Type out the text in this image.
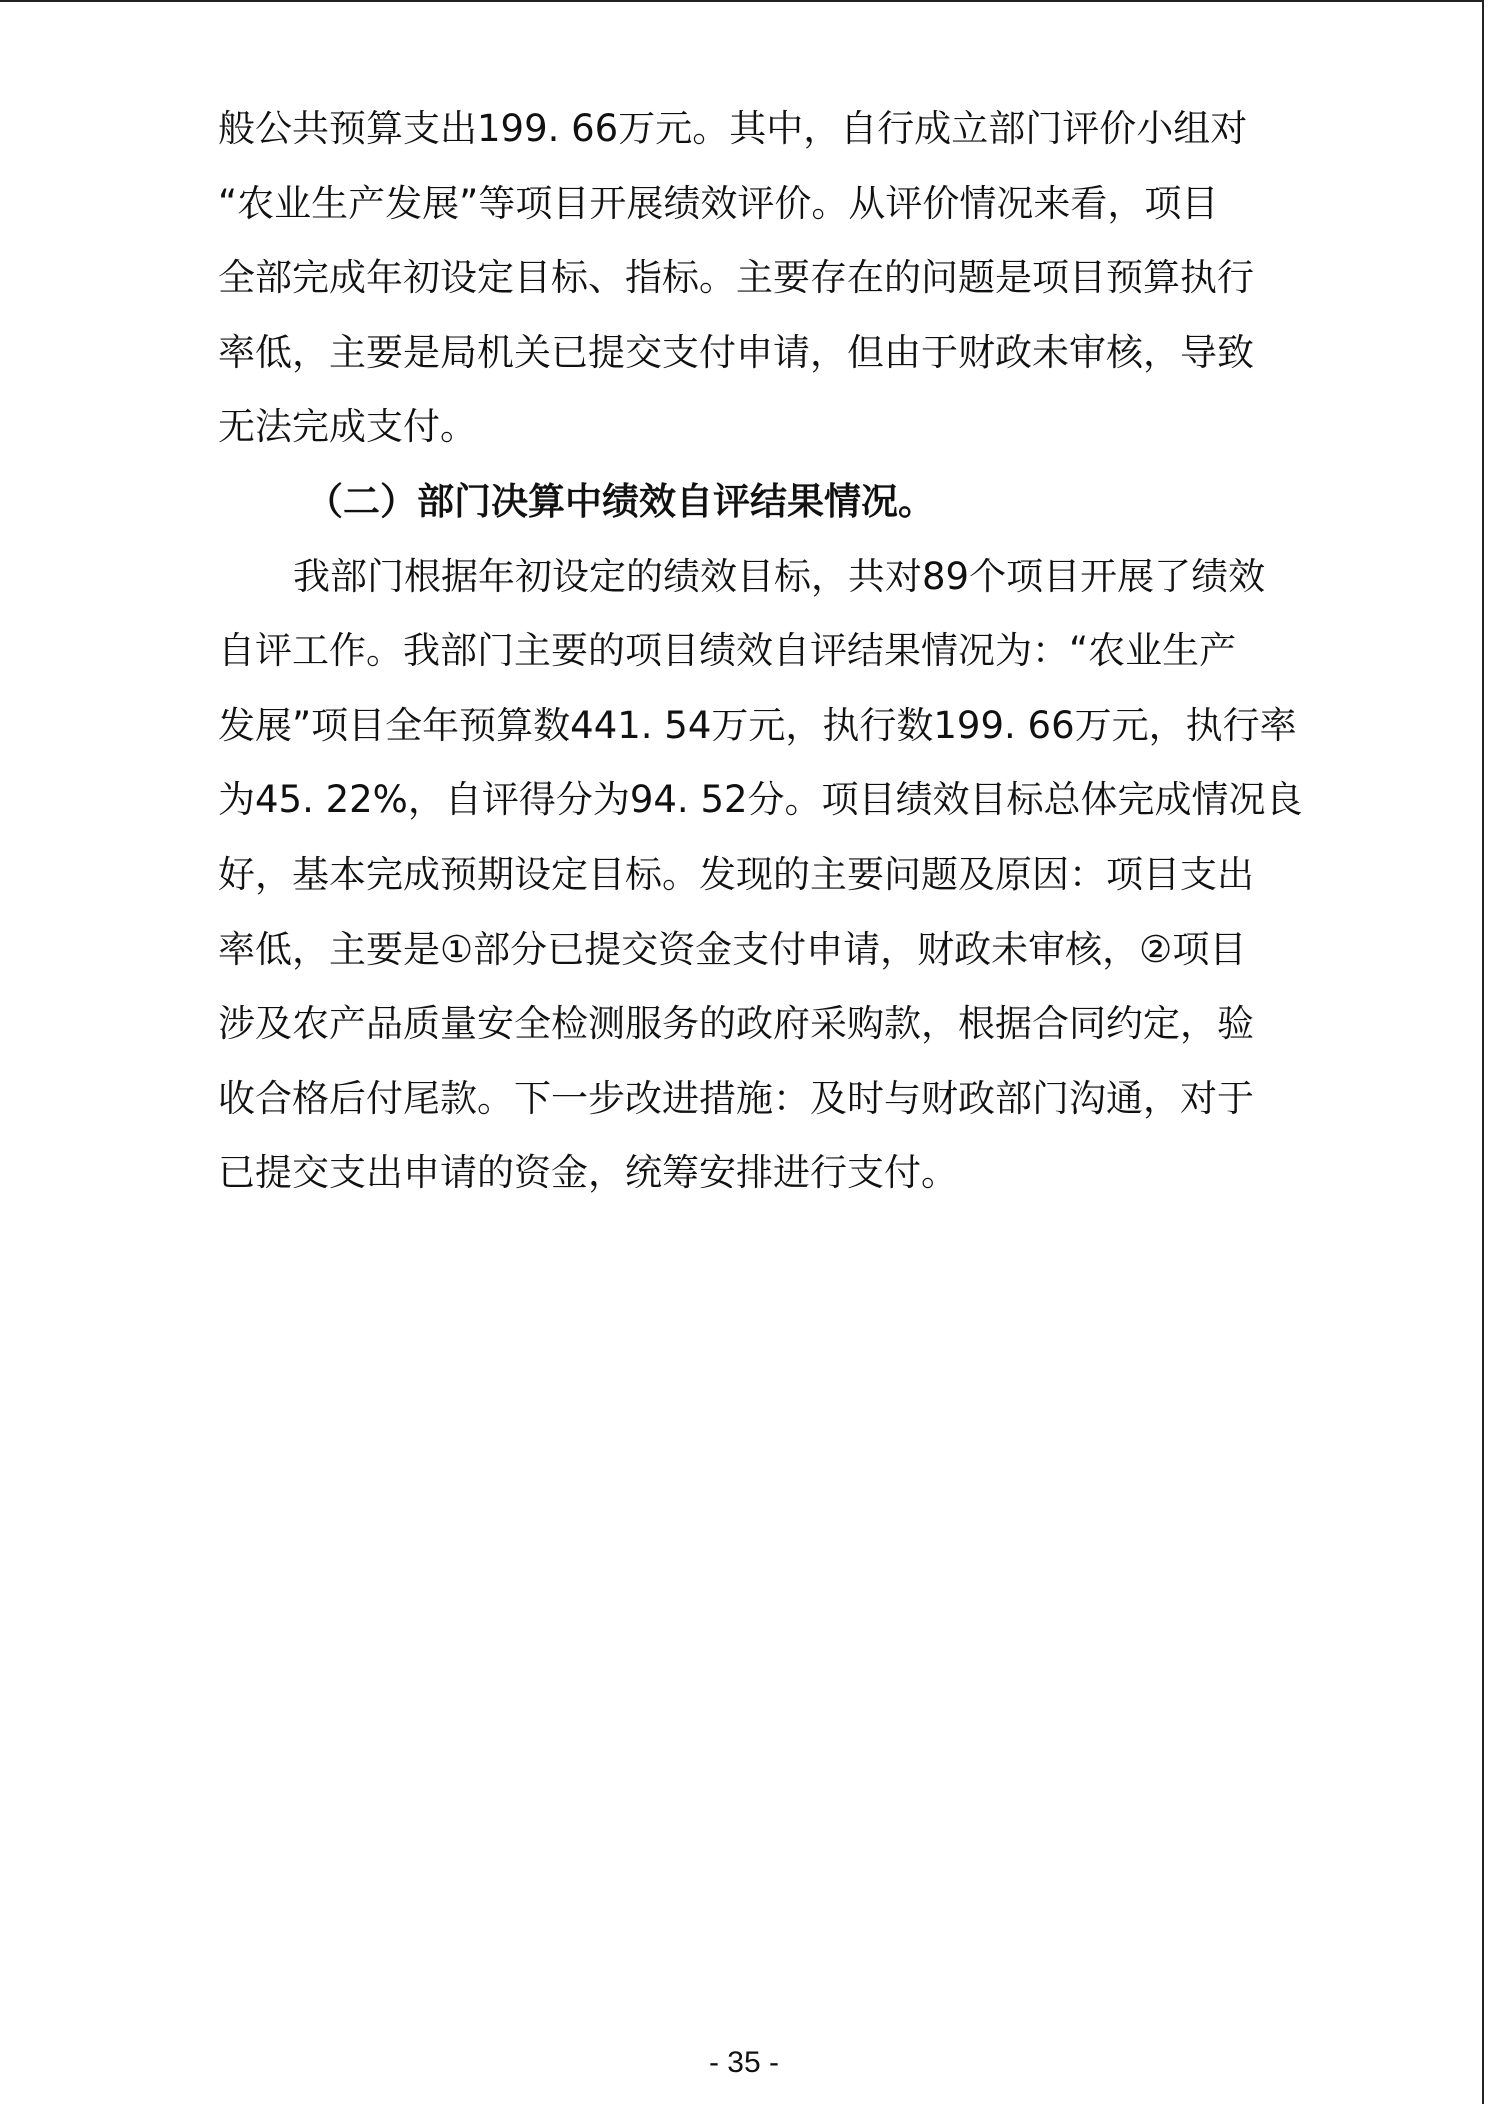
般公共预算支出199. 66万元。其中，自行成立部门评价小组对
“农业生产发展”等项目开展绩效评价。从评价情况来看，项目
全部完成年初设定目标、指标。主要存在的问题是项目预算执行
率低，主要是局机关已提交支付申请，但由于财政未审核，导致
无法完成支付。
（二）部门决算中绩效自评结果情况。
我部门根据年初设定的绩效目标，共对89个项目开展了绩效
自评工作。我部门主要的项目绩效自评结果情况为：“农业生产
发展”项目全年预算数441. 54万元，执行数199. 66万元，执行率
为45. 22%，自评得分为94. 52分。项目绩效目标总体完成情况良
好，基本完成预期设定目标。发现的主要问题及原因：项目支出
率低，主要是①部分已提交资金支付申请，财政未审核，②项目
涉及农产品质量安全检测服务的政府采购款，根据合同约定，验
收合格后付尾款。下一步改进措施：及时与财政部门沟通，对于
已提交支出申请的资金，统筹安排进行支付。
- 35 -
